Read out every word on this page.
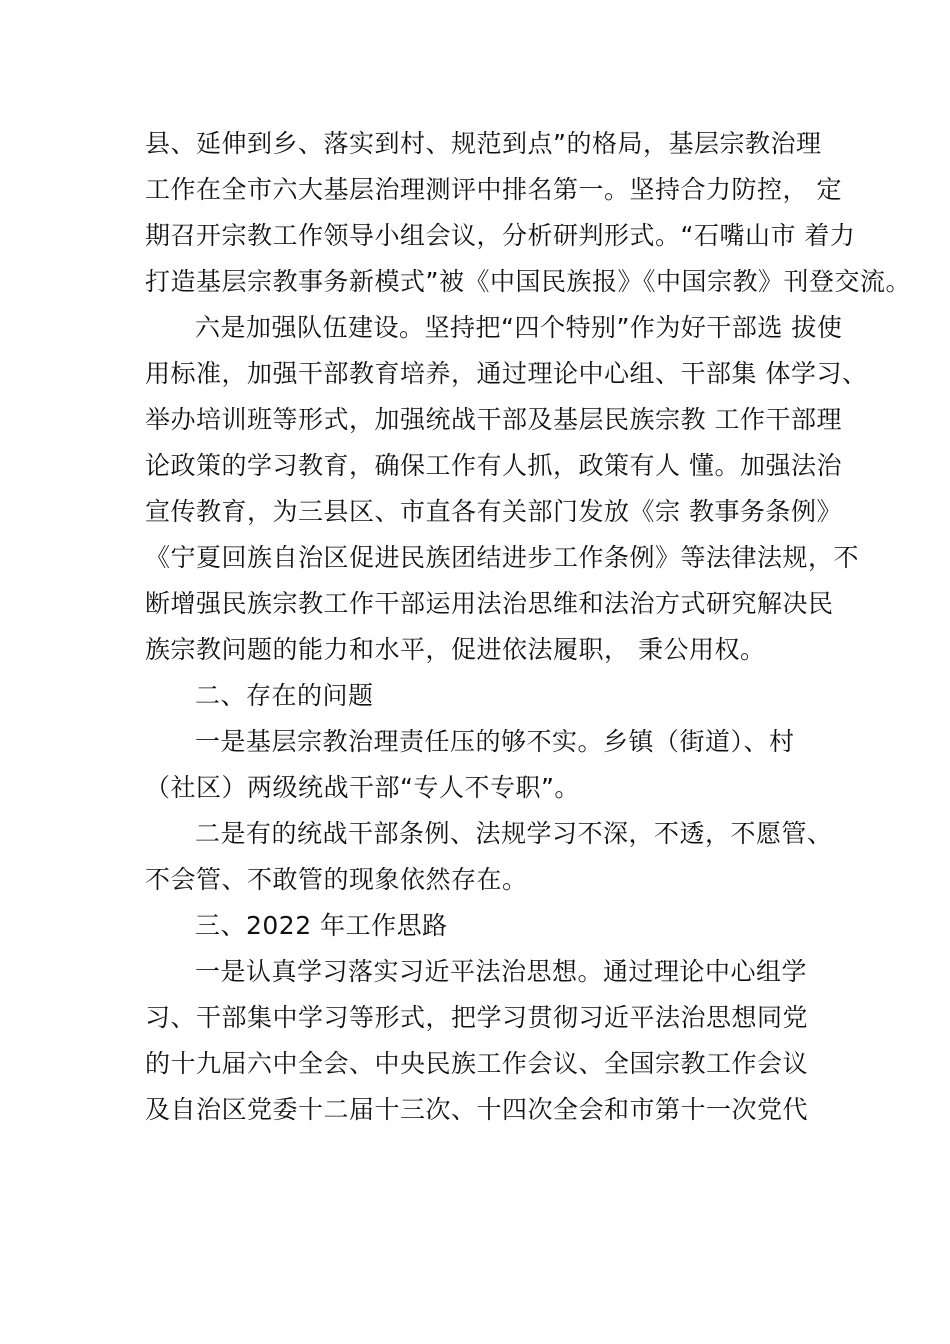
县、延伸到乡、落实到村、规范到点”的格局，基层宗教治理
工作在全市六大基层治理测评中排名第一。坚持合力防控， 定
期召开宗教工作领导小组会议，分析研判形式。“石嘴山市 着力
打造基层宗教事务新模式”被《中国民族报》《中国宗教》刊登交流。
六是加强队伍建设。坚持把“四个特别”作为好干部选 拔使
用标准，加强干部教育培养，通过理论中心组、干部集 体学习、
举办培训班等形式，加强统战干部及基层民族宗教 工作干部理
论政策的学习教育，确保工作有人抓，政策有人 懂。加强法治
宣传教育，为三县区、市直各有关部门发放《宗 教事务条例》
《宁夏回族自治区促进民族团结进步工作条例》等法律法规，不
断增强民族宗教工作干部运用法治思维和法治方式研究解决民
族宗教问题的能力和水平，促进依法履职， 秉公用权。
二、存在的问题
一是基层宗教治理责任压的够不实。乡镇（街道）、村
（社区）两级统战干部“专人不专职”。
二是有的统战干部条例、法规学习不深，不透，不愿管、
不会管、不敢管的现象依然存在。
三、2022 年工作思路
一是认真学习落实习近平法治思想。通过理论中心组学
习、干部集中学习等形式，把学习贯彻习近平法治思想同党
的十九届六中全会、中央民族工作会议、全国宗教工作会议
及自治区党委十二届十三次、十四次全会和市第十一次党代
